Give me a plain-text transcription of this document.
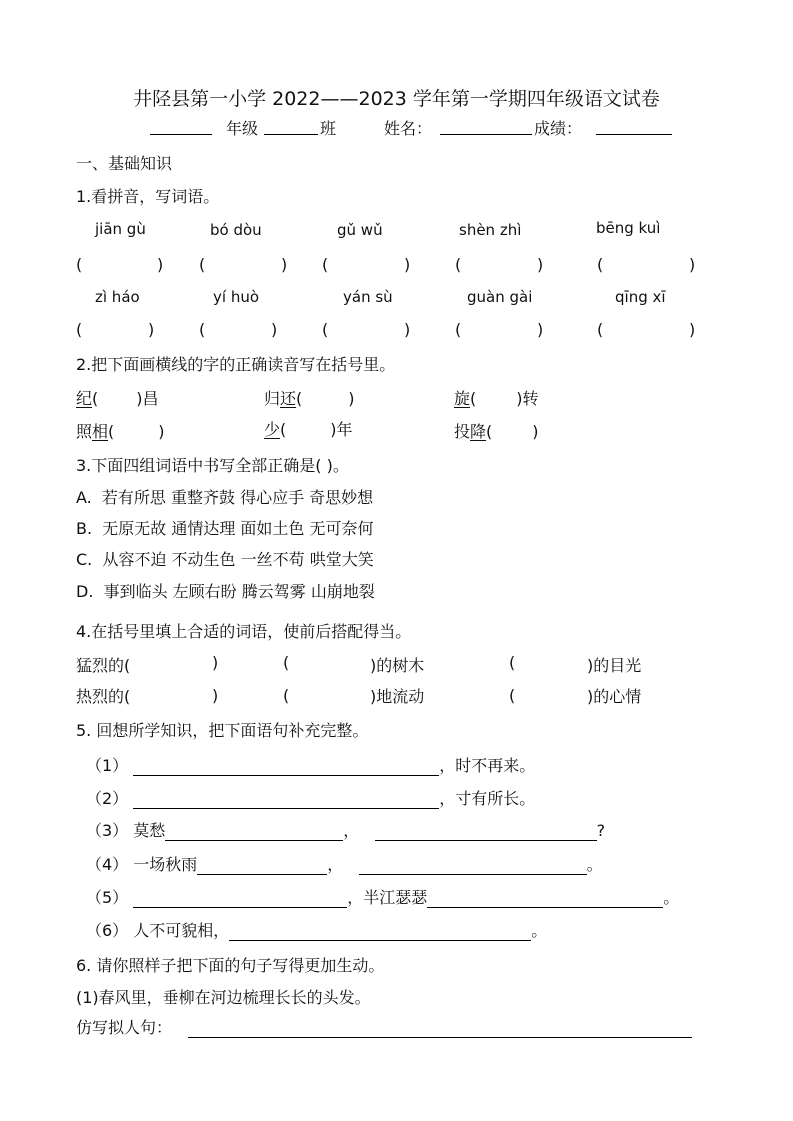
井陉县第一小学 2022——2023 学年第一学期四年级语文试卷
年级	班	姓名：	成绩：
一、基础知识
1.看拼音，写词语。
jiān gù	bó dòu	gǔ wǔ	shèn zhì	bēng kuì
(	) (	) (	)	(	)	(	)
zì háo	yí huò	yán sù	guàn gài	qīng xī
(	)	(	)	(	)	(	)	(	)
2.把下面画横线的字的正确读音写在括号里。
纪( )昌	归还(	)	旋(	)转
照相(	)	少(	)年	投降(	)
3.下面四组词语中书写全部正确是( )。
A. 若有所思 重整齐鼓 得心应手 奇思妙想
B. 无原无故 通情达理 面如土色 无可奈何
C. 从容不迫 不动生色 一丝不苟 哄堂大笑
D. 事到临头 左顾右盼 腾云驾雾 山崩地裂
4.在括号里填上合适的词语，使前后搭配得当。
猛烈的(	)	(	)的树木	(	)的目光
热烈的(	)	(	)地流动	(	)的心情
5. 回想所学知识，把下面语句补充完整。
（1）	，时不再来。
（2）	，寸有所长。
（3） 莫愁	，	?
（4） 一场秋雨	，	。
（5）	，半江瑟瑟	。
（6） 人不可貌相，	。
6. 请你照样子把下面的句子写得更加生动。
(1)春风里，垂柳在河边梳理长长的头发。
仿写拟人句：
